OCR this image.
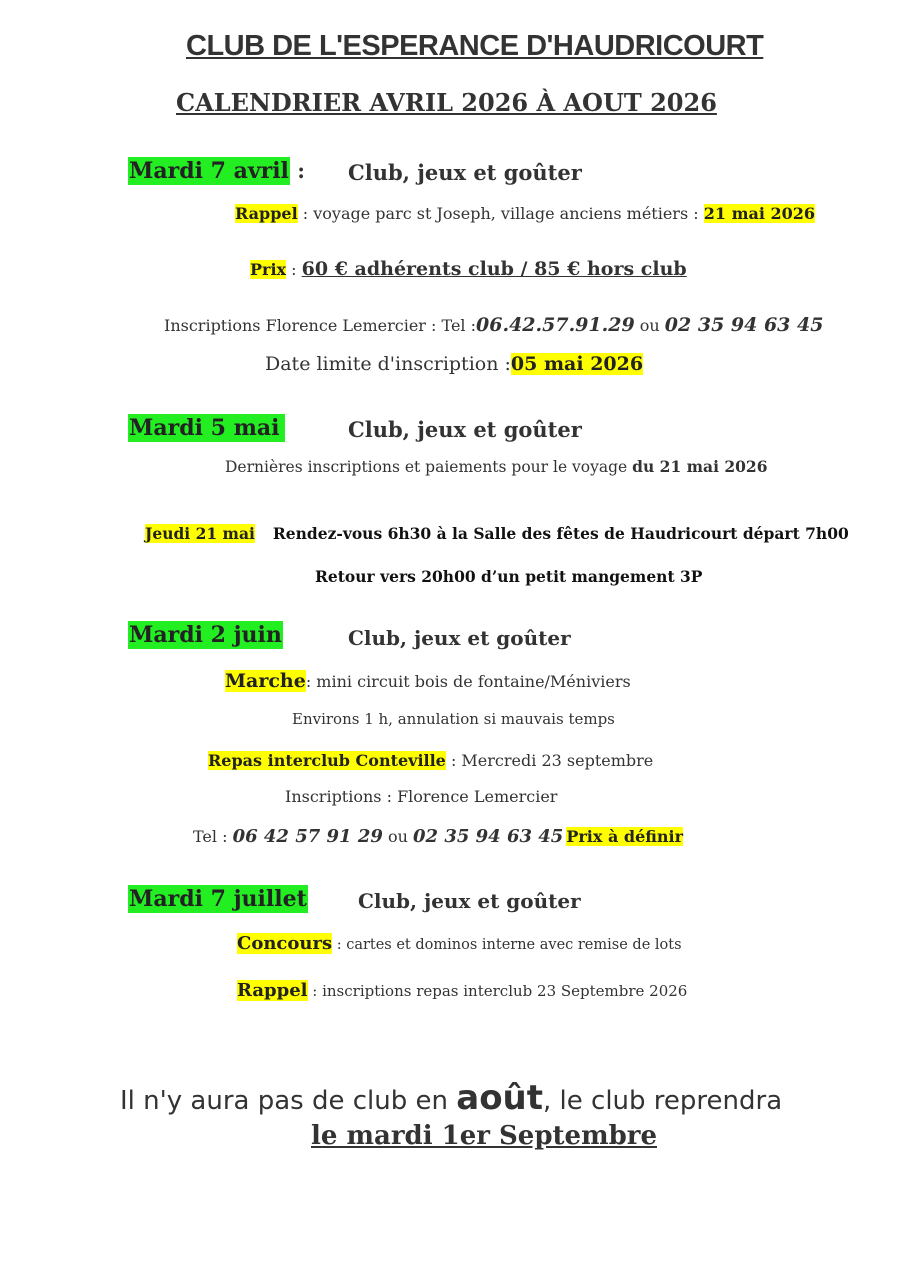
CLUB DE L'ESPERANCE D'HAUDRICOURT
CALENDRIER AVRIL 2026 À AOUT 2026
Mardi 7 avril : Club, jeux et goûter
Rappel : voyage parc st Joseph, village anciens métiers : 21 mai 2026
Prix : 60 € adhérents club / 85 € hors club
Inscriptions Florence Lemercier : Tel :06.42.57.91.29 ou 02 35 94 63 45
Date limite d'inscription :05 mai 2026
Mardi 5 mai	Club, jeux et goûter
Dernières inscriptions et paiements pour le voyage du 21 mai 2026
Jeudi 21 mai Rendez-vous 6h30 à la Salle des fêtes de Haudricourt départ 7h00
Retour vers 20h00 d’un petit mangement 3P
Mardi 2 juin	Club, jeux et goûter
Marche: mini circuit bois de fontaine/Méniviers
Environs 1 h, annulation si mauvais temps
Repas interclub Conteville : Mercredi 23 septembre
Inscriptions : Florence Lemercier
Tel : 06 42 57 91 29 ou 02 35 94 63 45 Prix à définir
Mardi 7 juillet	Club, jeux et goûter
Concours : cartes et dominos interne avec remise de lots
Rappel : inscriptions repas interclub 23 Septembre 2026
Il n'y aura pas de club en août, le club reprendra
le mardi 1er Septembre
